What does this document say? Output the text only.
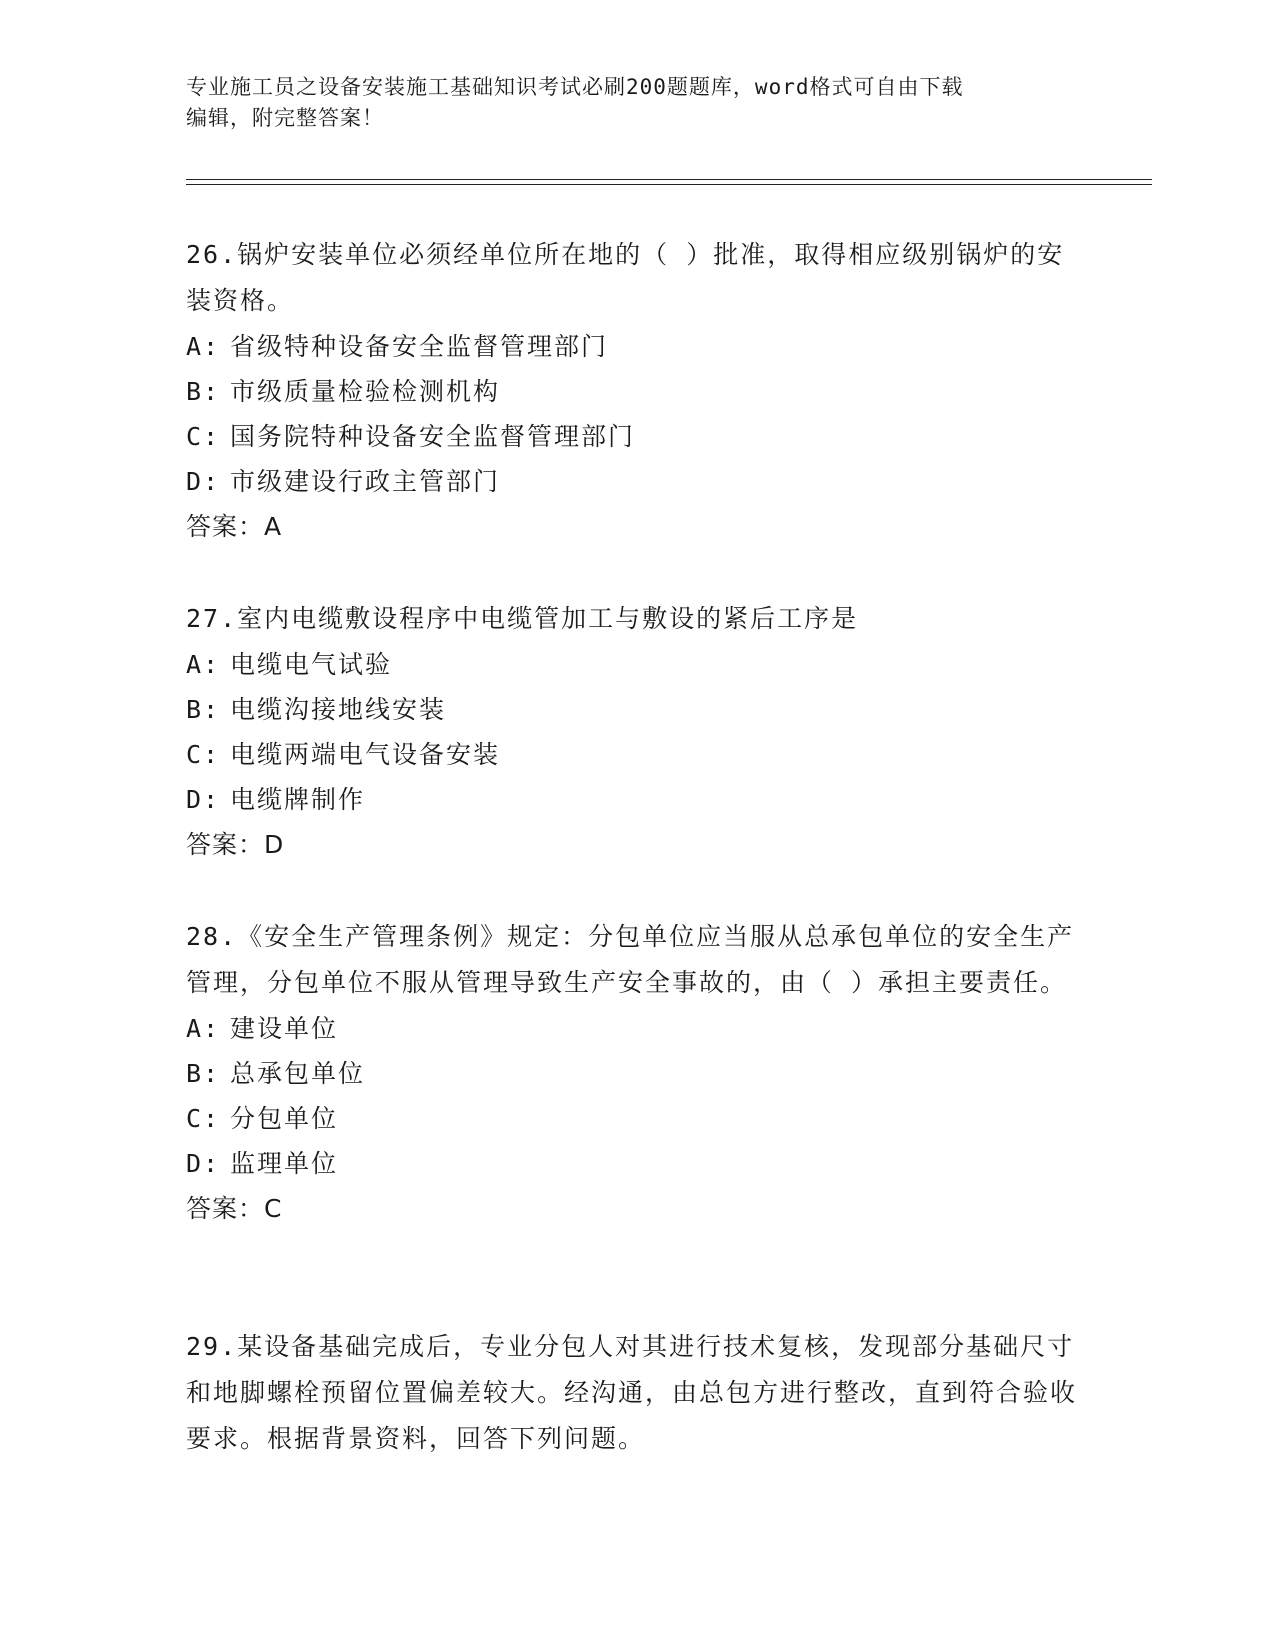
专业施工员之设备安装施工基础知识考试必刷200题题库，word格式可自由下载
编辑，附完整答案！

26.锅炉安装单位必须经单位所在地的（ ）批准，取得相应级别锅炉的安装资格。

A: 省级特种设备安全监督管理部门

B: 市级质量检验检测机构

C: 国务院特种设备安全监督管理部门

D: 市级建设行政主管部门

答案：A

27.室内电缆敷设程序中电缆管加工与敷设的紧后工序是

A: 电缆电气试验

B: 电缆沟接地线安装

C: 电缆两端电气设备安装

D: 电缆牌制作

答案：D

28.《安全生产管理条例》规定：分包单位应当服从总承包单位的安全生产管理，分包单位不服从管理导致生产安全事故的，由（ ）承担主要责任。

A: 建设单位

B: 总承包单位

C: 分包单位

D: 监理单位

答案：C

29.某设备基础完成后，专业分包人对其进行技术复核，发现部分基础尺寸和地脚螺栓预留位置偏差较大。经沟通，由总包方进行整改，直到符合验收要求。根据背景资料，回答下列问题。
